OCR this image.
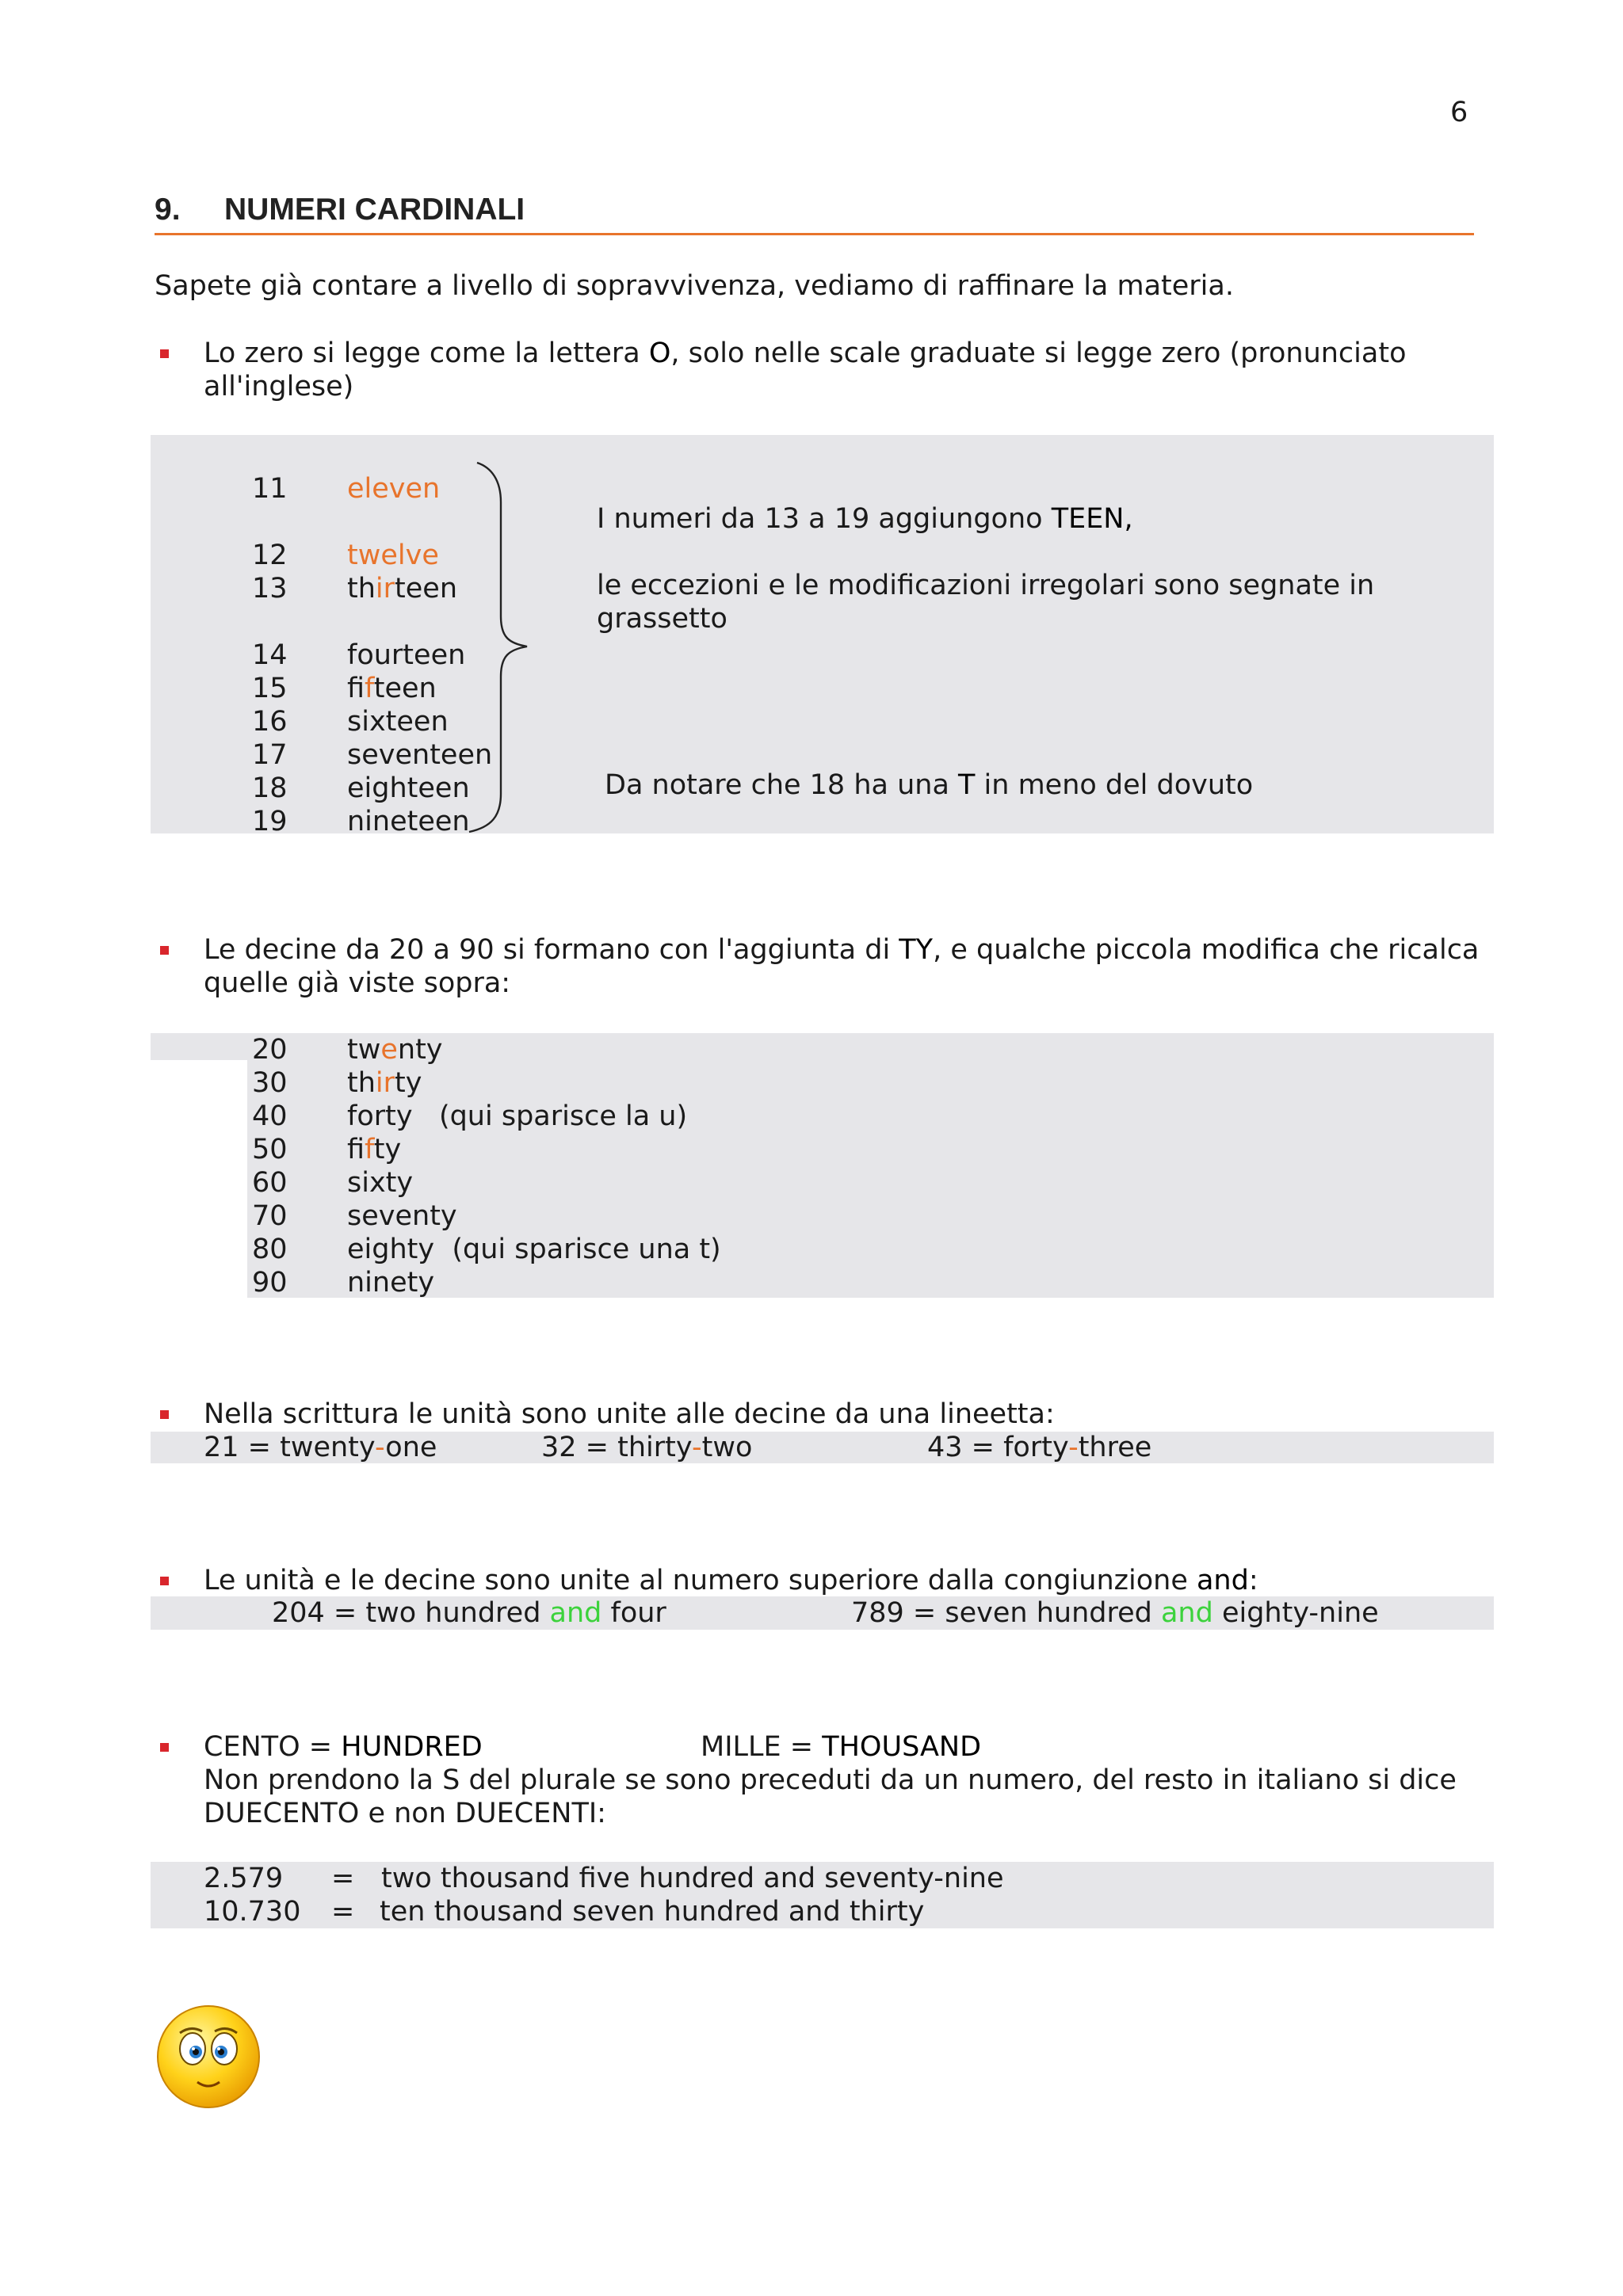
6
9. NUMERI CARDINALI
Sapete già contare a livello di sopravvivenza, vediamo di raffinare la materia.
Lo zero si legge come la lettera O, solo nelle scale graduate si legge zero (pronunciato
all'inglese)
11 eleven
12 twelve
13 thirteen
14 fourteen
15 fifteen
16 sixteen
17 seventeen
18 eighteen
19 nineteen
I numeri da 13 a 19 aggiungono TEEN,
le eccezioni e le modificazioni irregolari sono segnate in
grassetto
Da notare che 18 ha una T in meno del dovuto
Le decine da 20 a 90 si formano con l'aggiunta di TY, e qualche piccola modifica che ricalca
quelle già viste sopra:
20 twenty
30 thirty
40 forty   (qui sparisce la u)
50 fifty
60 sixty
70 seventy
80 eighty  (qui sparisce una t)
90 ninety
Nella scrittura le unità sono unite alle decine da una lineetta:
21 = twenty-one	32 = thirty-two	43 = forty-three
Le unità e le decine sono unite al numero superiore dalla congiunzione and:
204 = two hundred and four	789 = seven hundred and eighty-nine
CENTO = HUNDRED	MILLE = THOUSAND
Non prendono la S del plurale se sono preceduti da un numero, del resto in italiano si dice
DUECENTO e non DUECENTI:
2.579 = two thousand five hundred and seventy-nine
10.730 = ten thousand seven hundred and thirty
